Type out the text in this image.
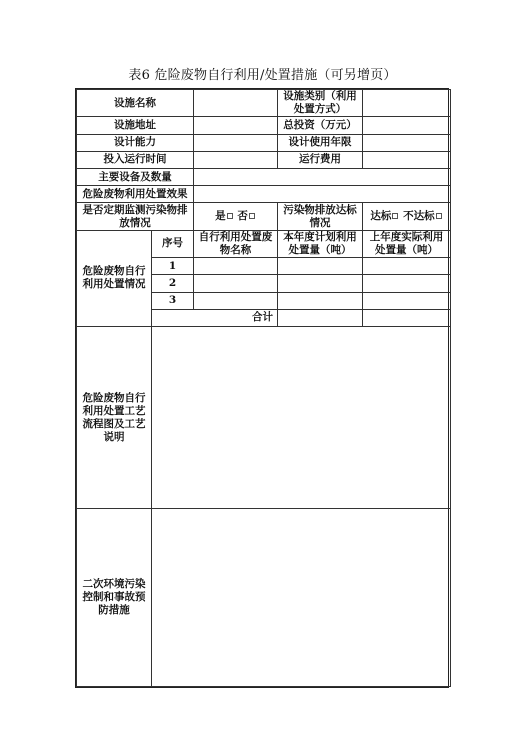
表6 危险废物自行利用/处置措施（可另增页）
设施名称			设施类别（利用处置方式）	
设施地址			总投资（万元）	
设计能力			设计使用年限	
投入运行时间			运行费用	
主要设备及数量				
危险废物利用处置效果				
是否定期监测污染物排放情况		是 否	污染物排放达标情况	达标 不达标
危险废物自行利用处置情况	序号	自行利用处置废物名称	本年度计划利用处置量（吨）	上年度实际利用处置量（吨）
	1			
	2			
	3			
	合计			
危险废物自行利用处置工艺流程图及工艺说明				
二次环境污染控制和事故预防措施				
